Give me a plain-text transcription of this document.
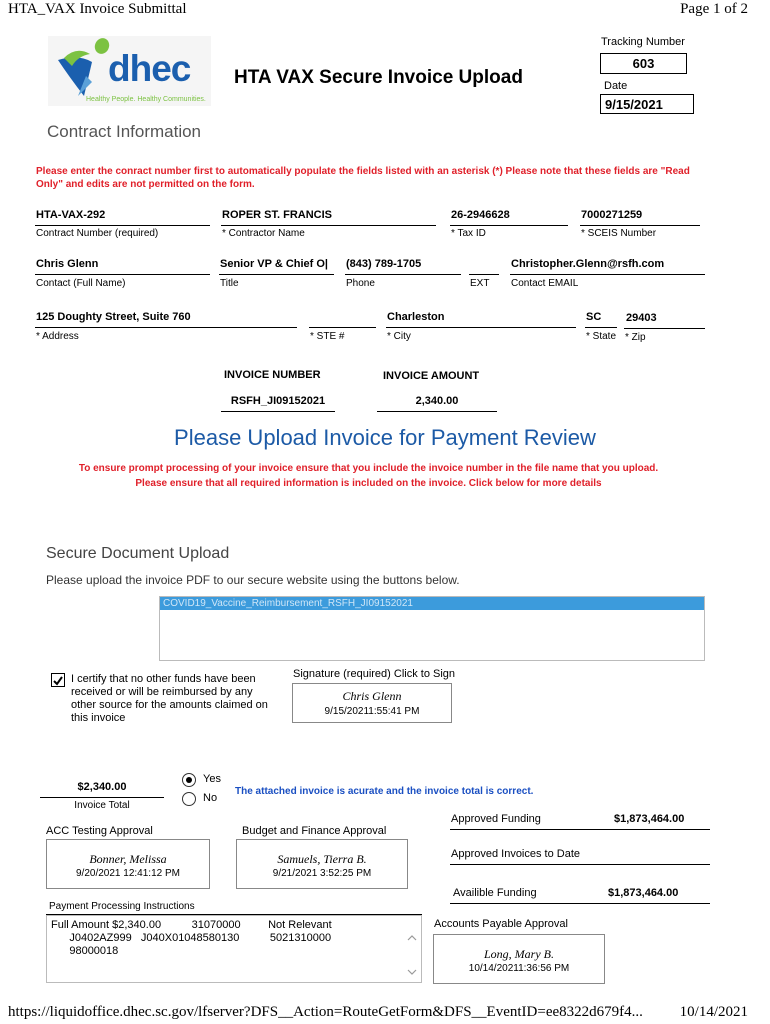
HTA_VAX Invoice Submittal	Page 1 of 2
dhec
Healthy People. Healthy Communities.
HTA VAX Secure Invoice Upload
Tracking Number
603
Date
9/15/2021
Contract Information
Please enter the conract number first to automatically populate the fields listed with an asterisk (*) Please note that these fields are "Read Only" and edits are not permitted on the form.
HTA-VAX-292
Contract Number (required)
ROPER ST. FRANCIS
* Contractor Name
26-2946628
* Tax ID
7000271259
* SCEIS Number
Chris Glenn
Contact (Full Name)
Senior VP & Chief O|
Title
(843) 789-1705
Phone	EXT
Christopher.Glenn@rsfh.com
Contact EMAIL
125 Doughty Street, Suite 760
* Address	* STE #
Charleston
* City
SC
* State
29403
* Zip
INVOICE NUMBER
RSFH_JI09152021
INVOICE AMOUNT
2,340.00
Please Upload Invoice for Payment Review
To ensure prompt processing of your invoice ensure that you include the invoice number in the file name that you upload.
Please ensure that all required information is included on the invoice. Click below for more details
Secure Document Upload
Please upload the invoice PDF to our secure website using the buttons below.
COVID19_Vaccine_Reimbursement_RSFH_JI09152021
I certify that no other funds have been received or will be reimbursed by any other source for the amounts claimed on this invoice
Signature (required) Click to Sign
Chris Glenn
9/15/20211:55:41 PM
$2,340.00
Invoice Total
Yes
No
The attached invoice is acurate and the invoice total is correct.
Approved Funding	$1,873,464.00
Approved Invoices to Date
Availible Funding	$1,873,464.00
ACC Testing Approval
Bonner, Melissa
9/20/2021 12:41:12 PM
Budget and Finance Approval
Samuels, Tierra B.
9/21/2021 3:52:25 PM
Payment Processing Instructions
Full Amount $2,340.00          31070000         Not Relevant
J0402AZ999   J040X01048580130          5021310000
98000018
Accounts Payable Approval
Long, Mary B.
10/14/20211:36:56 PM
https://liquidoffice.dhec.sc.gov/lfserver?DFS__Action=RouteGetForm&DFS__EventID=ee8322d679f4... 10/14/2021
